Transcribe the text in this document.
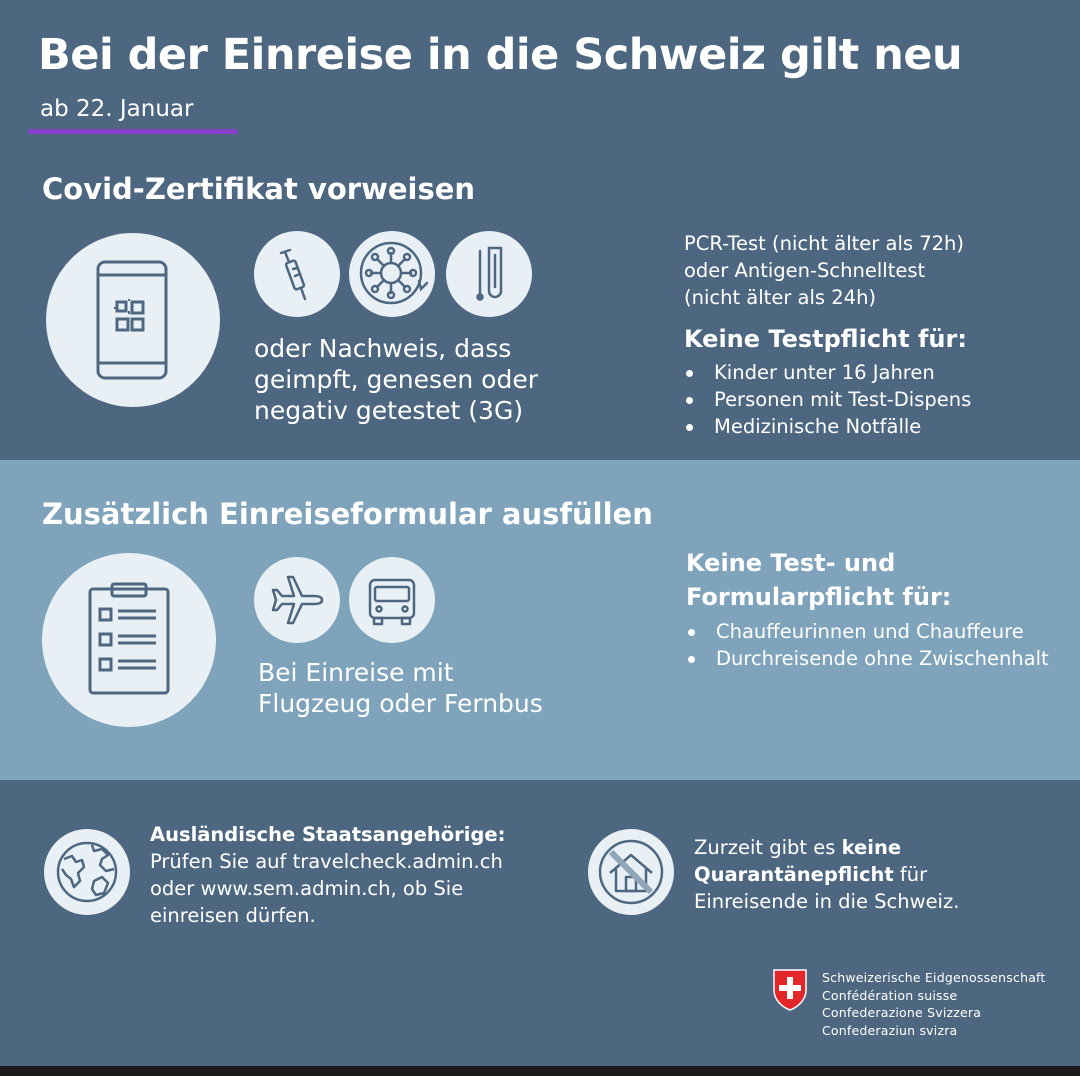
Bei der Einreise in die Schweiz gilt neu
ab 22. Januar
Covid-Zertifikat vorweisen
oder Nachweis, dass
geimpft, genesen oder
negativ getestet (3G)
PCR-Test (nicht älter als 72h)
oder Antigen-Schnelltest
(nicht älter als 24h)
Keine Testpflicht für:
Kinder unter 16 Jahren
Personen mit Test-Dispens
Medizinische Notfälle
Zusätzlich Einreiseformular ausfüllen
Bei Einreise mit
Flugzeug oder Fernbus
Keine Test- und
Formularpflicht für:
Chauffeurinnen und Chauffeure
Durchreisende ohne Zwischenhalt
Ausländische Staatsangehörige:
Prüfen Sie auf travelcheck.admin.ch
oder www.sem.admin.ch, ob Sie
einreisen dürfen.
Zurzeit gibt es keine
Quarantänepflicht für
Einreisende in die Schweiz.
Schweizerische Eidgenossenschaft
Confédération suisse
Confederazione Svizzera
Confederaziun svizra
